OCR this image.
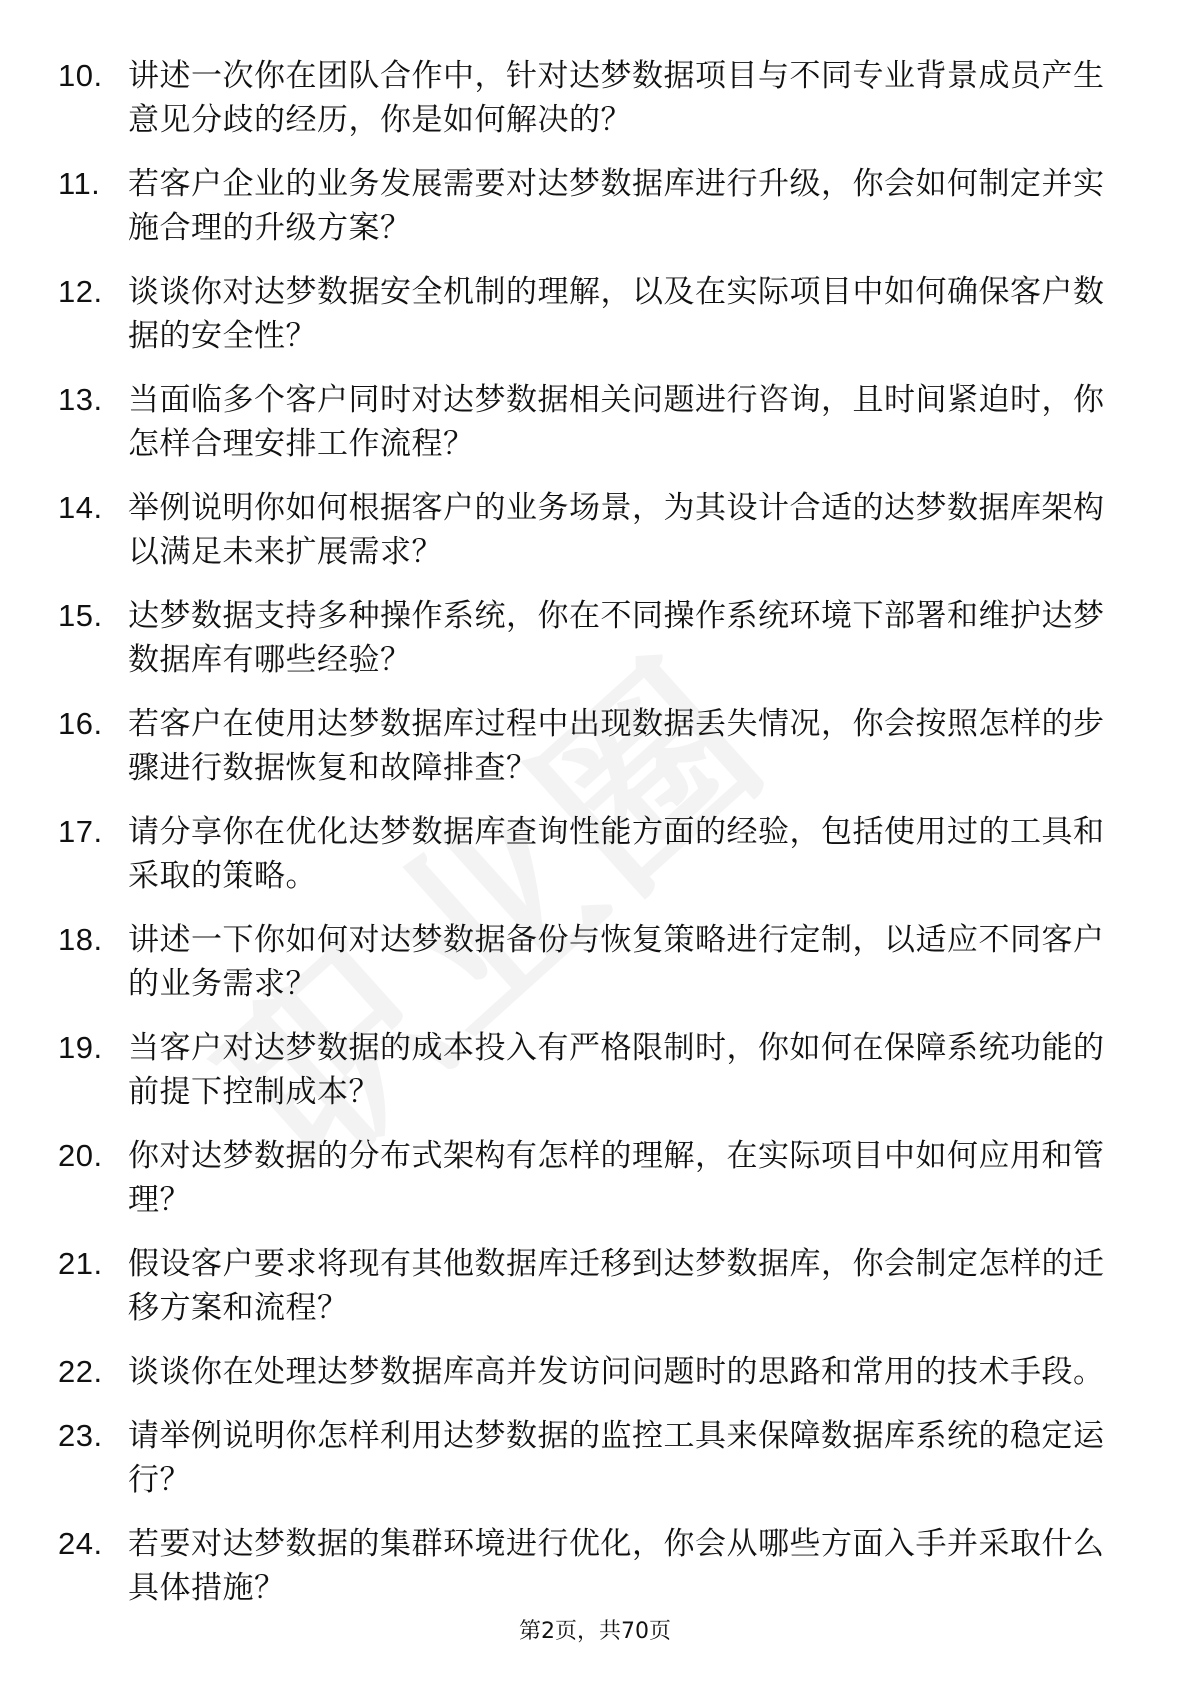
10. 讲述一次你在团队合作中，针对达梦数据项目与不同专业背景成员产生意见分歧的经历，你是如何解决的？
11. 若客户企业的业务发展需要对达梦数据库进行升级，你会如何制定并实施合理的升级方案？
12. 谈谈你对达梦数据安全机制的理解，以及在实际项目中如何确保客户数据的安全性？
13. 当面临多个客户同时对达梦数据相关问题进行咨询，且时间紧迫时，你怎样合理安排工作流程？
14. 举例说明你如何根据客户的业务场景，为其设计合适的达梦数据库架构以满足未来扩展需求？
15. 达梦数据支持多种操作系统，你在不同操作系统环境下部署和维护达梦数据库有哪些经验？
16. 若客户在使用达梦数据库过程中出现数据丢失情况，你会按照怎样的步骤进行数据恢复和故障排查？
17. 请分享你在优化达梦数据库查询性能方面的经验，包括使用过的工具和采取的策略。
18. 讲述一下你如何对达梦数据备份与恢复策略进行定制，以适应不同客户的业务需求？
19. 当客户对达梦数据的成本投入有严格限制时，你如何在保障系统功能的前提下控制成本？
20. 你对达梦数据的分布式架构有怎样的理解，在实际项目中如何应用和管理？
21. 假设客户要求将现有其他数据库迁移到达梦数据库，你会制定怎样的迁移方案和流程？
22. 谈谈你在处理达梦数据库高并发访问问题时的思路和常用的技术手段。
23. 请举例说明你怎样利用达梦数据的监控工具来保障数据库系统的稳定运行？
24. 若要对达梦数据的集群环境进行优化，你会从哪些方面入手并采取什么具体措施？
第2页，共70页
